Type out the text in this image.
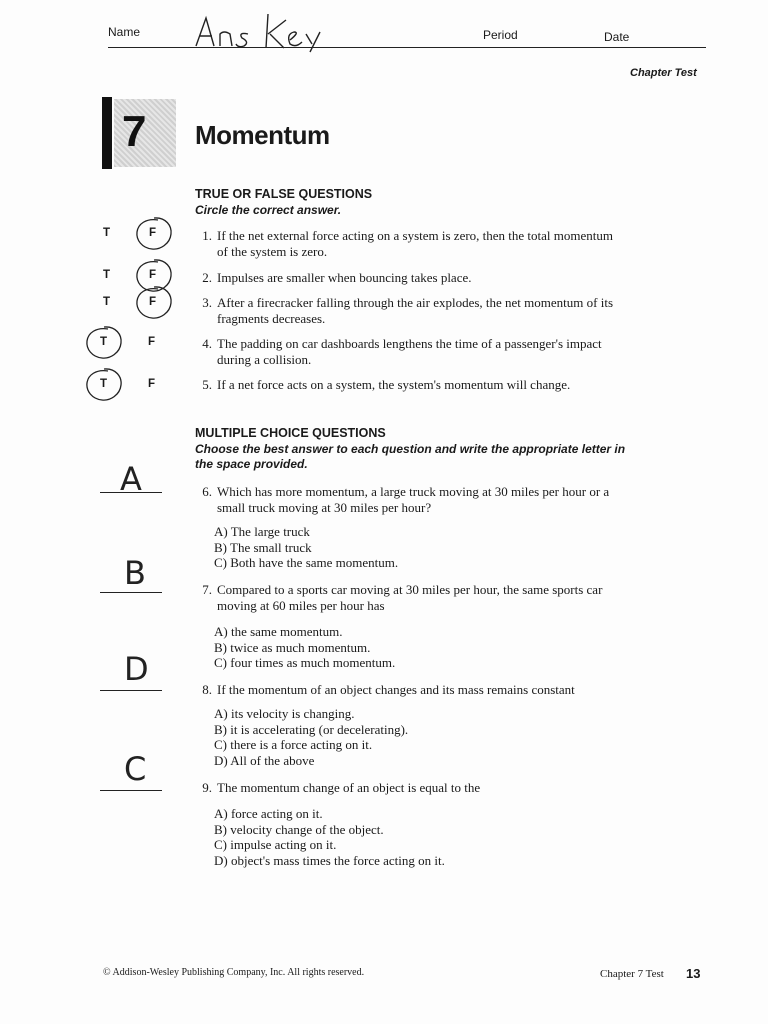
Name	Period	Date
Chapter Test
7 Momentum
TRUE OR FALSE QUESTIONS
Circle the correct answer.
T	F
T	F
T	F
T	F
T	F
1. If the net external force acting on a system is zero, then the total momentum
of the system is zero.
2. Impulses are smaller when bouncing takes place.
3. After a firecracker falling through the air explodes, the net momentum of its
fragments decreases.
4. The padding on car dashboards lengthens the time of a passenger's impact
during a collision.
5. If a net force acts on a system, the system's momentum will change.
MULTIPLE CHOICE QUESTIONS
Choose the best answer to each question and write the appropriate letter in
the space provided.
6. Which has more momentum, a large truck moving at 30 miles per hour or a
small truck moving at 30 miles per hour?
A) The large truck
B) The small truck
C) Both have the same momentum.
A
7. Compared to a sports car moving at 30 miles per hour, the same sports car
moving at 60 miles per hour has
A) the same momentum.
B) twice as much momentum.
C) four times as much momentum.
B
8. If the momentum of an object changes and its mass remains constant
A) its velocity is changing.
B) it is accelerating (or decelerating).
C) there is a force acting on it.
D) All of the above
D
9. The momentum change of an object is equal to the
A) force acting on it.
B) velocity change of the object.
C) impulse acting on it.
D) object's mass times the force acting on it.
C
© Addison-Wesley Publishing Company, Inc. All rights reserved.	Chapter 7 Test 13
